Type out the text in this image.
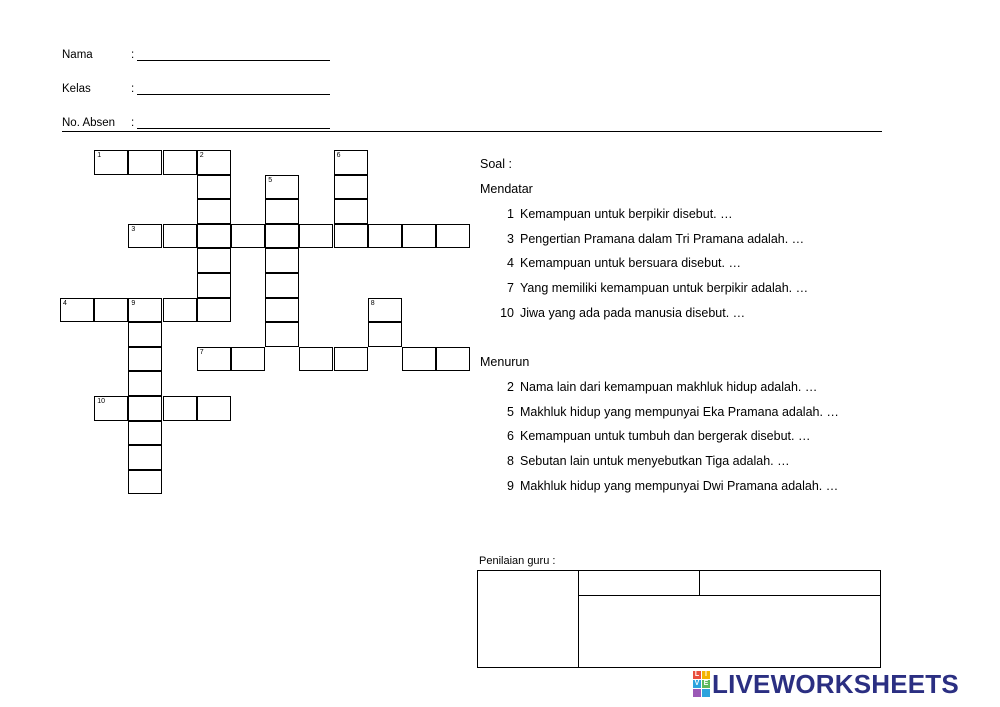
Nama	:
Kelas	:
No. Absen :
1	2	6
5
3
4	9	8
7
10
Soal :
Mendatar
1 Kemampuan untuk berpikir disebut. …
3 Pengertian Pramana dalam Tri Pramana adalah. …
4 Kemampuan untuk bersuara disebut. …
7 Yang memiliki kemampuan untuk berpikir adalah. …
10 Jiwa yang ada pada manusia disebut. …
Menurun
2 Nama lain dari kemampuan makhluk hidup adalah. …
5 Makhluk hidup yang mempunyai Eka Pramana adalah. …
6 Kemampuan untuk tumbuh dan bergerak disebut. …
8 Sebutan lain untuk menyebutkan Tiga adalah. …
9 Makhluk hidup yang mempunyai Dwi Pramana adalah. …
Penilaian guru :
L I
V E LIVEWORKSHEETS
